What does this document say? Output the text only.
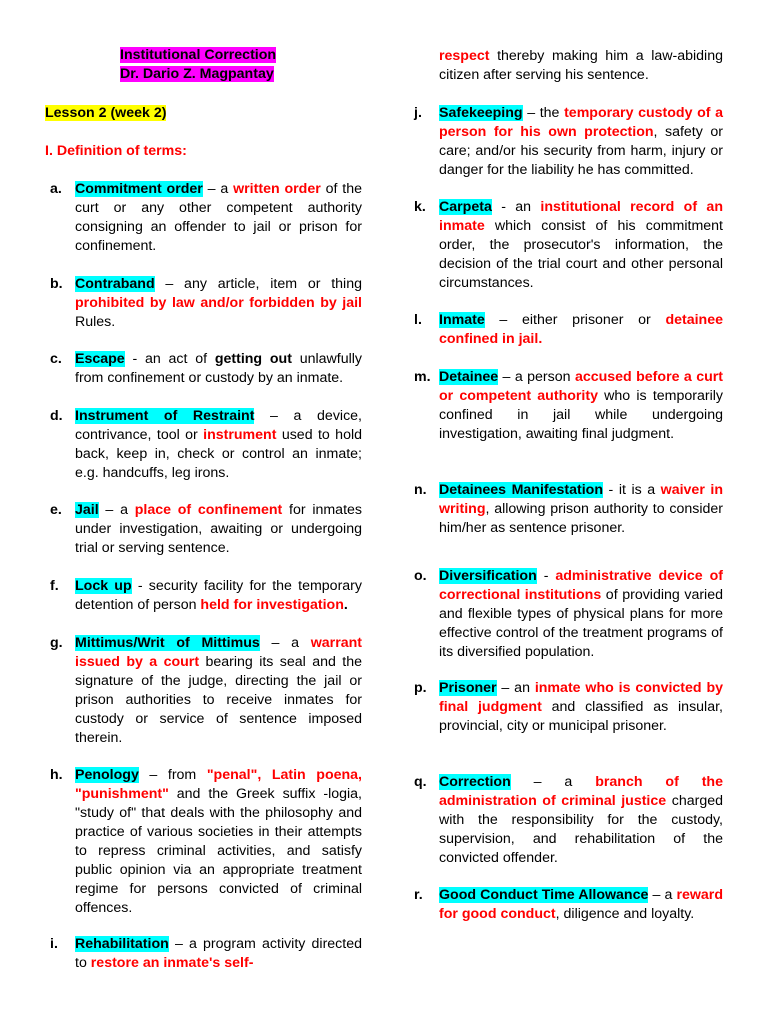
Institutional Correction
Dr. Dario Z. Magpantay
Lesson 2 (week 2)
I. Definition of terms:
a. Commitment order – a written order of the curt or any other competent authority consigning an offender to jail or prison for confinement.
b. Contraband – any article, item or thing prohibited by law and/or forbidden by jail Rules.
c. Escape - an act of getting out unlawfully from confinement or custody by an inmate.
d. Instrument of Restraint – a device, contrivance, tool or instrument used to hold back, keep in, check or control an inmate; e.g. handcuffs, leg irons.
e. Jail – a place of confinement for inmates under investigation, awaiting or undergoing trial or serving sentence.
f. Lock up - security facility for the temporary detention of person held for investigation.
g. Mittimus/Writ of Mittimus – a warrant issued by a court bearing its seal and the signature of the judge, directing the jail or prison authorities to receive inmates for custody or service of sentence imposed therein.
h. Penology – from "penal", Latin poena, "punishment" and the Greek suffix -logia, "study of" that deals with the philosophy and practice of various societies in their attempts to repress criminal activities, and satisfy public opinion via an appropriate treatment regime for persons convicted of criminal offences.
i. Rehabilitation – a program activity directed to restore an inmate's self-
respect thereby making him a law-abiding citizen after serving his sentence.
j. Safekeeping – the temporary custody of a person for his own protection, safety or care; and/or his security from harm, injury or danger for the liability he has committed.
k. Carpeta - an institutional record of an inmate which consist of his commitment order, the prosecutor's information, the decision of the trial court and other personal circumstances.
l. Inmate – either prisoner or detainee confined in jail.
m. Detainee – a person accused before a curt or competent authority who is temporarily confined in jail while undergoing investigation, awaiting final judgment.
n. Detainees Manifestation - it is a waiver in writing, allowing prison authority to consider him/her as sentence prisoner.
o. Diversification - administrative device of correctional institutions of providing varied and flexible types of physical plans for more effective control of the treatment programs of its diversified population.
p. Prisoner – an inmate who is convicted by final judgment and classified as insular, provincial, city or municipal prisoner.
q. Correction – a branch of the administration of criminal justice charged with the responsibility for the custody, supervision, and rehabilitation of the convicted offender.
r. Good Conduct Time Allowance – a reward for good conduct, diligence and loyalty.
